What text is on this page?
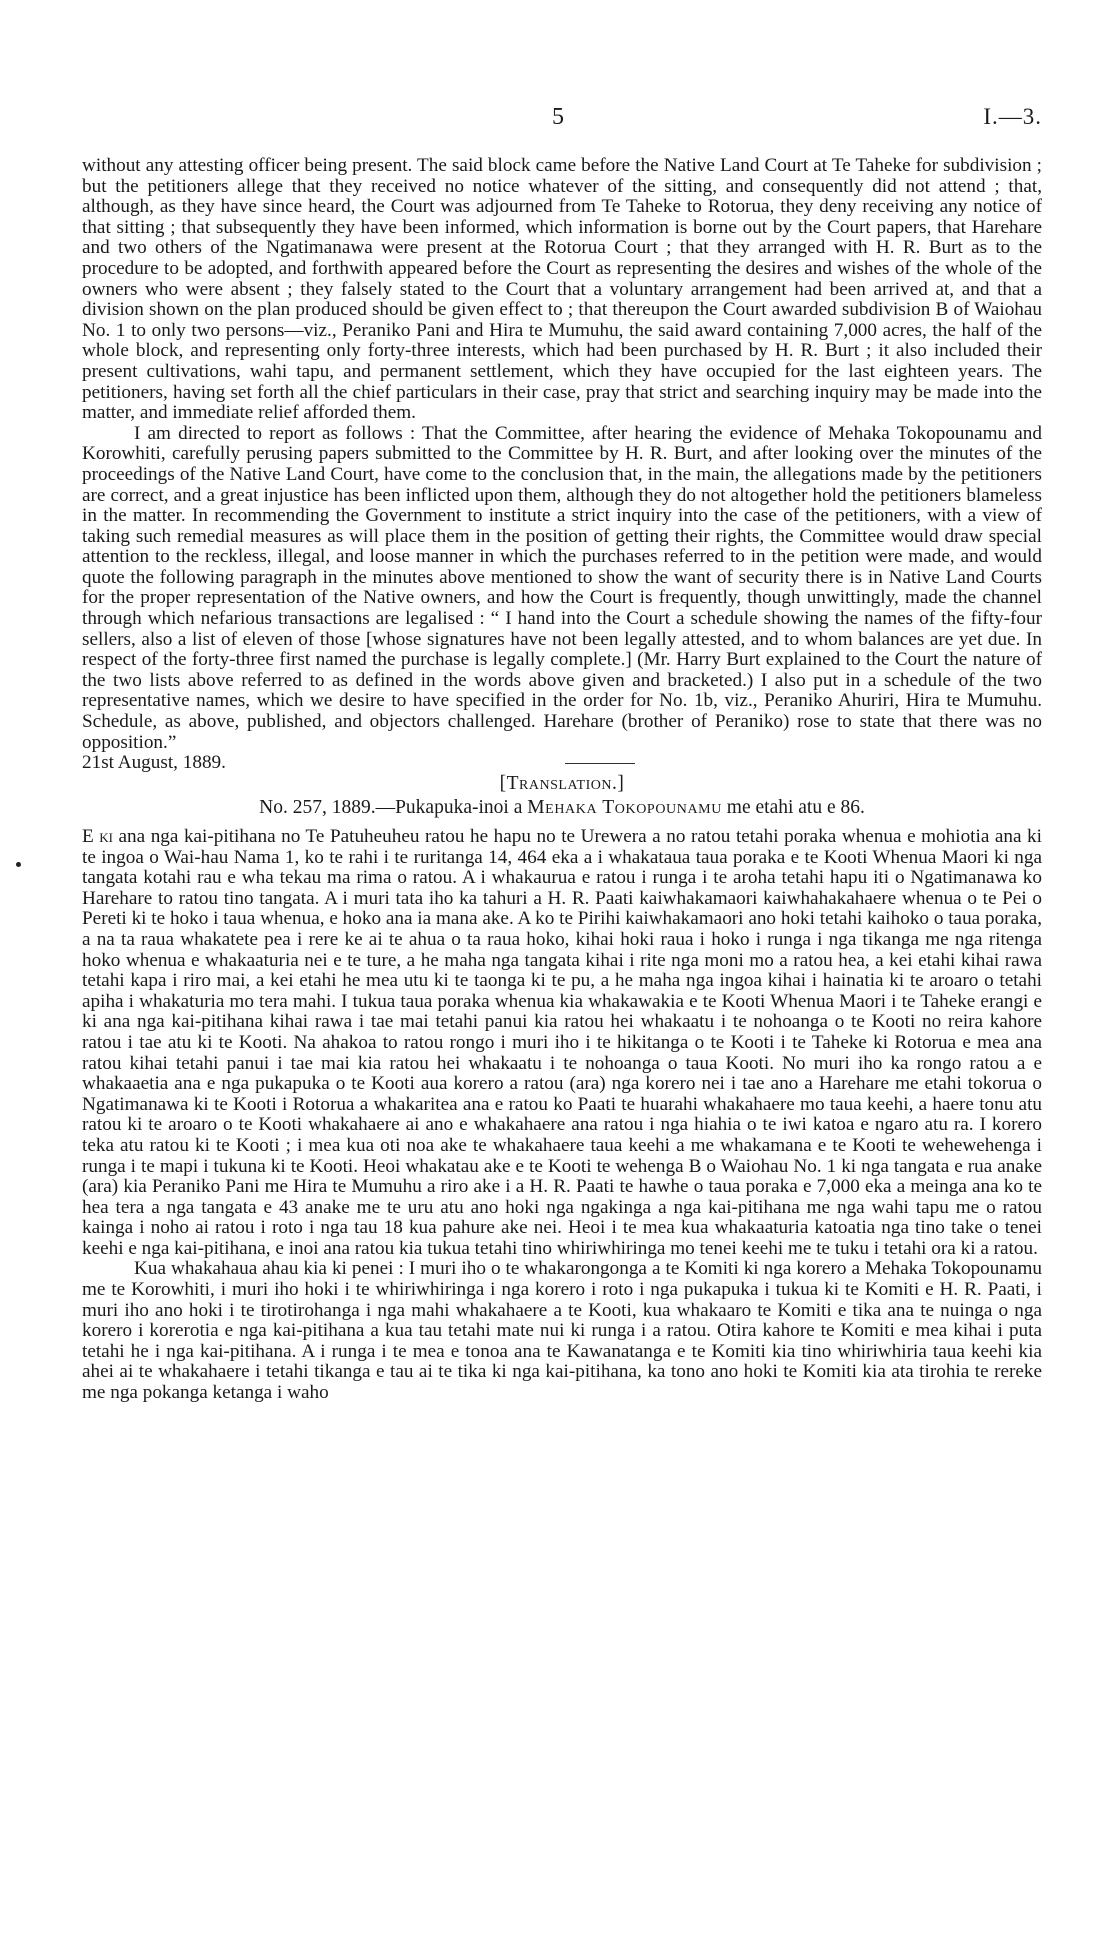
5	I.—3.

without any attesting officer being present. The said block came before the Native Land Court at Te Taheke for subdivision ; but the petitioners allege that they received no notice whatever of the sitting, and consequently did not attend ; that, although, as they have since heard, the Court was adjourned from Te Taheke to Rotorua, they deny receiving any notice of that sitting ; that subsequently they have been informed, which information is borne out by the Court papers, that Harehare and two others of the Ngatimanawa were present at the Rotorua Court ; that they arranged with H. R. Burt as to the procedure to be adopted, and forthwith appeared before the Court as representing the desires and wishes of the whole of the owners who were absent ; they falsely stated to the Court that a voluntary arrangement had been arrived at, and that a division shown on the plan produced should be given effect to ; that thereupon the Court awarded subdivision B of Waiohau No. 1 to only two persons—viz., Peraniko Pani and Hira te Mumuhu, the said award containing 7,000 acres, the half of the whole block, and representing only forty-three interests, which had been purchased by H. R. Burt ; it also included their present cultivations, wahi tapu, and permanent settlement, which they have occupied for the last eighteen years. The petitioners, having set forth all the chief particulars in their case, pray that strict and searching inquiry may be made into the matter, and immediate relief afforded them.

I am directed to report as follows : That the Committee, after hearing the evidence of Mehaka Tokopounamu and Korowhiti, carefully perusing papers submitted to the Committee by H. R. Burt, and after looking over the minutes of the proceedings of the Native Land Court, have come to the conclusion that, in the main, the allegations made by the petitioners are correct, and a great injustice has been inflicted upon them, although they do not altogether hold the petitioners blameless in the matter. In recommending the Government to institute a strict inquiry into the case of the petitioners, with a view of taking such remedial measures as will place them in the position of getting their rights, the Committee would draw special attention to the reckless, illegal, and loose manner in which the purchases referred to in the petition were made, and would quote the following paragraph in the minutes above mentioned to show the want of security there is in Native Land Courts for the proper representation of the Native owners, and how the Court is frequently, though unwittingly, made the channel through which nefarious transactions are legalised : “ I hand into the Court a schedule showing the names of the fifty-four sellers, also a list of eleven of those [whose signatures have not been legally attested, and to whom balances are yet due. In respect of the forty-three first named the purchase is legally complete.] (Mr. Harry Burt explained to the Court the nature of the two lists above referred to as defined in the words above given and bracketed.) I also put in a schedule of the two representative names, which we desire to have specified in the order for No. 1b, viz., Peraniko Ahuriri, Hira te Mumuhu. Schedule, as above, published, and objectors challenged. Harehare (brother of Peraniko) rose to state that there was no opposition.”

21st August, 1889.

[Translation.]
No. 257, 1889.—Pukapuka-inoi a Mehaka Tokopounamu me etahi atu e 86.

E ki ana nga kai-pitihana no Te Patuheuheu ratou he hapu no te Urewera a no ratou tetahi poraka whenua e mohiotia ana ki te ingoa o Wai-hau Nama 1, ko te rahi i te ruritanga 14, 464 eka a i whakataua taua poraka e te Kooti Whenua Maori ki nga tangata kotahi rau e wha tekau ma rima o ratou. A i whakaurua e ratou i runga i te aroha tetahi hapu iti o Ngatimanawa ko Harehare to ratou tino tangata. A i muri tata iho ka tahuri a H. R. Paati kaiwhakamaori kaiwhahakahaere whenua o te Pei o Pereti ki te hoko i taua whenua, e hoko ana ia mana ake. A ko te Pirihi kaiwhakamaori ano hoki tetahi kaihoko o taua poraka, a na ta raua whakatete pea i rere ke ai te ahua o ta raua hoko, kihai hoki raua i hoko i runga i nga tikanga me nga ritenga hoko whenua e whakaaturia nei e te ture, a he maha nga tangata kihai i rite nga moni mo a ratou hea, a kei etahi kihai rawa tetahi kapa i riro mai, a kei etahi he mea utu ki te taonga ki te pu, a he maha nga ingoa kihai i hainatia ki te aroaro o tetahi apiha i whakaturia mo tera mahi. I tukua taua poraka whenua kia whakawakia e te Kooti Whenua Maori i te Taheke erangi e ki ana nga kai-pitihana kihai rawa i tae mai tetahi panui kia ratou hei whakaatu i te nohoanga o te Kooti no reira kahore ratou i tae atu ki te Kooti. Na ahakoa to ratou rongo i muri iho i te hikitanga o te Kooti i te Taheke ki Rotorua e mea ana ratou kihai tetahi panui i tae mai kia ratou hei whakaatu i te nohoanga o taua Kooti. No muri iho ka rongo ratou a e whakaaetia ana e nga pukapuka o te Kooti aua korero a ratou (ara) nga korero nei i tae ano a Harehare me etahi tokorua o Ngatimanawa ki te Kooti i Rotorua a whakaritea ana e ratou ko Paati te huarahi whakahaere mo taua keehi, a haere tonu atu ratou ki te aroaro o te Kooti whakahaere ai ano e whakahaere ana ratou i nga hiahia o te iwi katoa e ngaro atu ra. I korero teka atu ratou ki te Kooti ; i mea kua oti noa ake te whakahaere taua keehi a me whakamana e te Kooti te wehewehenga i runga i te mapi i tukuna ki te Kooti. Heoi whakatau ake e te Kooti te wehenga B o Waiohau No. 1 ki nga tangata e rua anake (ara) kia Peraniko Pani me Hira te Mumuhu a riro ake i a H. R. Paati te hawhe o taua poraka e 7,000 eka a meinga ana ko te hea tera a nga tangata e 43 anake me te uru atu ano hoki nga ngakinga a nga kai-pitihana me nga wahi tapu me o ratou kainga i noho ai ratou i roto i nga tau 18 kua pahure ake nei. Heoi i te mea kua whakaaturia katoatia nga tino take o tenei keehi e nga kai-pitihana, e inoi ana ratou kia tukua tetahi tino whiriwhiringa mo tenei keehi me te tuku i tetahi ora ki a ratou.

Kua whakahaua ahau kia ki penei : I muri iho o te whakarongonga a te Komiti ki nga korero a Mehaka Tokopounamu me te Korowhiti, i muri iho hoki i te whiriwhiringa i nga korero i roto i nga pukapuka i tukua ki te Komiti e H. R. Paati, i muri iho ano hoki i te tirotirohanga i nga mahi whakahaere a te Kooti, kua whakaaro te Komiti e tika ana te nuinga o nga korero i korerotia e nga kai-pitihana a kua tau tetahi mate nui ki runga i a ratou. Otira kahore te Komiti e mea kihai i puta tetahi he i nga kai-pitihana. A i runga i te mea e tonoa ana te Kawanatanga e te Komiti kia tino whiriwhiria taua keehi kia ahei ai te whakahaere i tetahi tikanga e tau ai te tika ki nga kai-pitihana, ka tono ano hoki te Komiti kia ata tirohia te rereke me nga pokanga ketanga i waho
